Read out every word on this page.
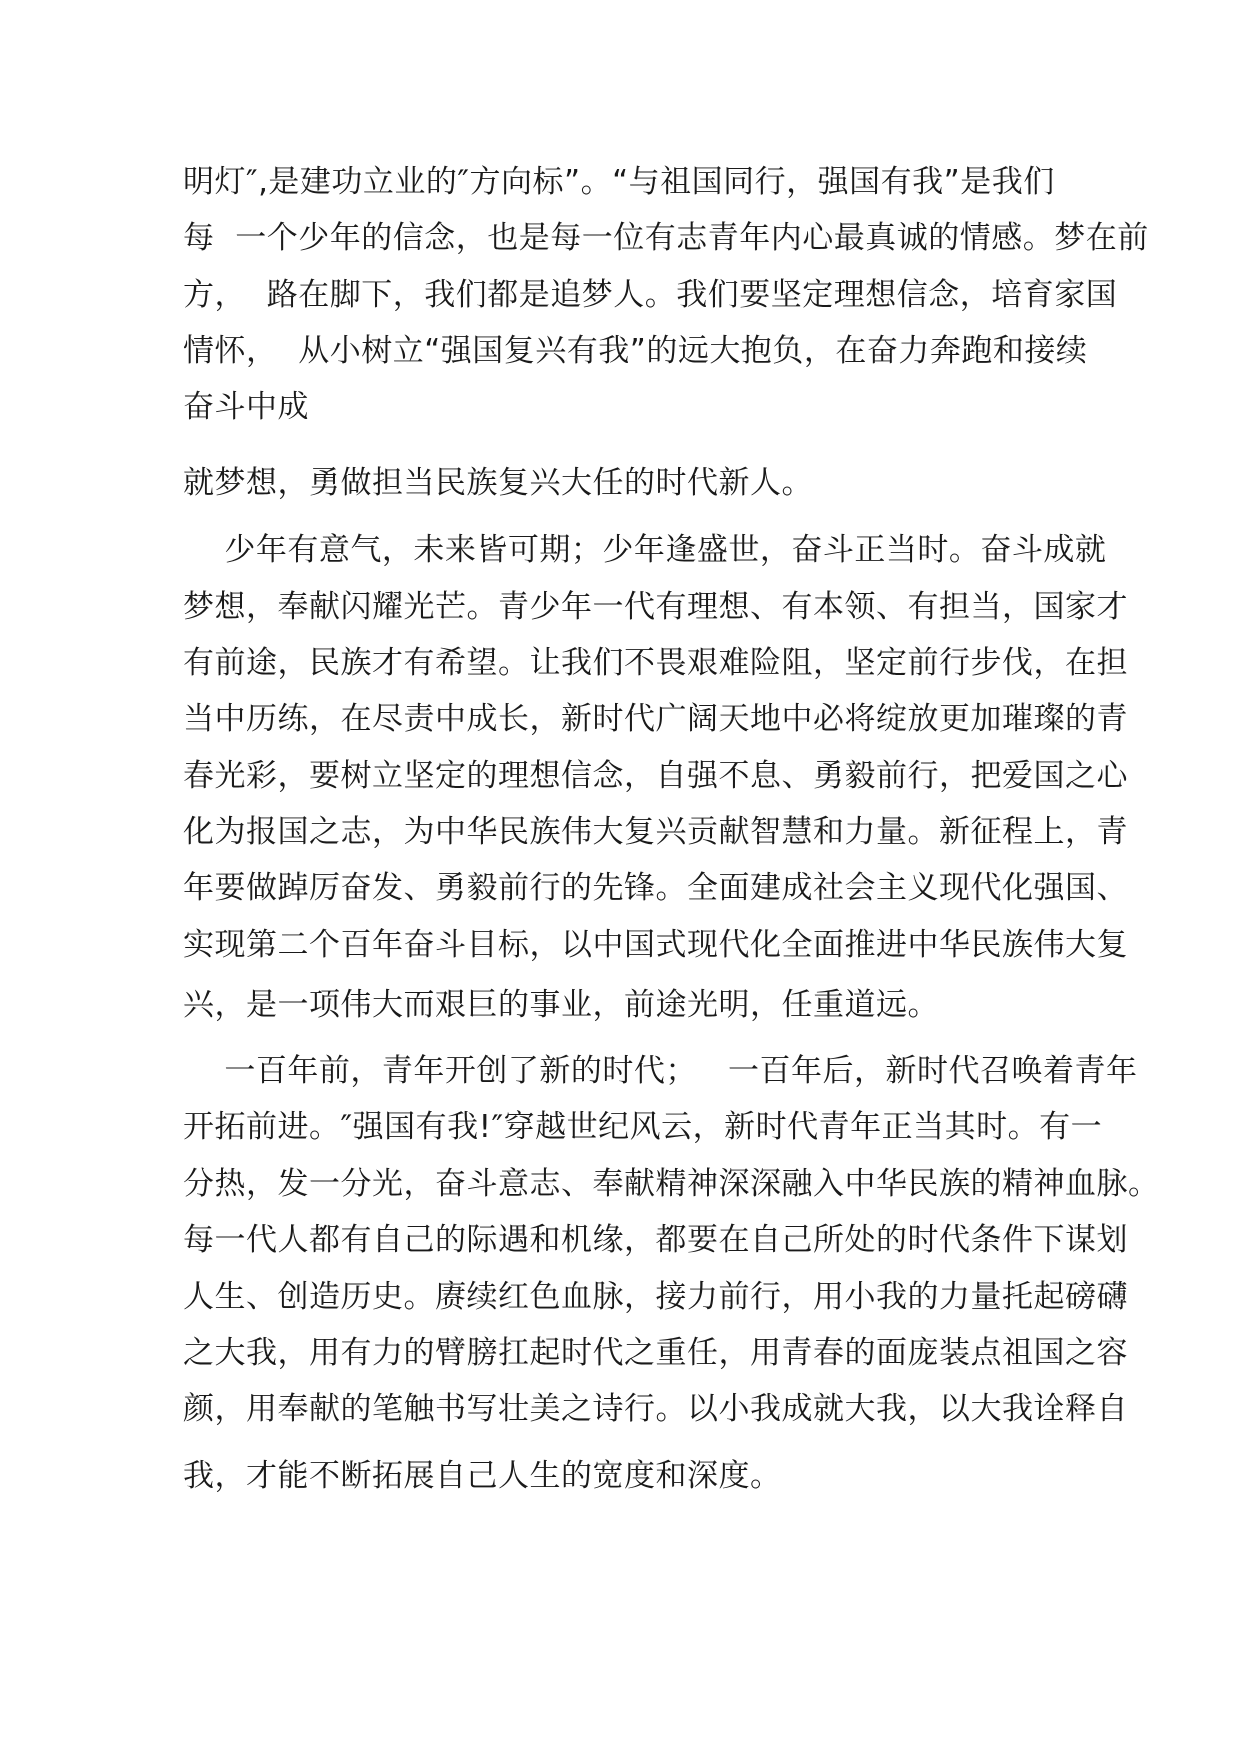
明灯″,是建功立业的″方向标”。“与祖国同行，强国有我”是我们
每  一个少年的信念，也是每一位有志青年内心最真诚的情感。梦在前
方，  路在脚下，我们都是追梦人。我们要坚定理想信念，培育家国
情怀，  从小树立“强国复兴有我”的远大抱负，在奋力奔跑和接续
奋斗中成
就梦想，勇做担当民族复兴大任的时代新人。
少年有意气，未来皆可期；少年逢盛世，奋斗正当时。奋斗成就
梦想，奉献闪耀光芒。青少年一代有理想、有本领、有担当，国家才
有前途，民族才有希望。让我们不畏艰难险阻，坚定前行步伐，在担
当中历练，在尽责中成长，新时代广阔天地中必将绽放更加璀璨的青
春光彩，要树立坚定的理想信念，自强不息、勇毅前行，把爱国之心
化为报国之志，为中华民族伟大复兴贡献智慧和力量。新征程上，青
年要做踔厉奋发、勇毅前行的先锋。全面建成社会主义现代化强国、
实现第二个百年奋斗目标，以中国式现代化全面推进中华民族伟大复
兴，是一项伟大而艰巨的事业，前途光明，任重道远。
一百年前，青年开创了新的时代；   一百年后，新时代召唤着青年
开拓前进。″强国有我!″穿越世纪风云，新时代青年正当其时。有一
分热，发一分光，奋斗意志、奉献精神深深融入中华民族的精神血脉。
每一代人都有自己的际遇和机缘，都要在自己所处的时代条件下谋划
人生、创造历史。赓续红色血脉，接力前行，用小我的力量托起磅礴
之大我，用有力的臂膀扛起时代之重任，用青春的面庞装点祖国之容
颜，用奉献的笔触书写壮美之诗行。以小我成就大我，以大我诠释自
我，才能不断拓展自己人生的宽度和深度。
